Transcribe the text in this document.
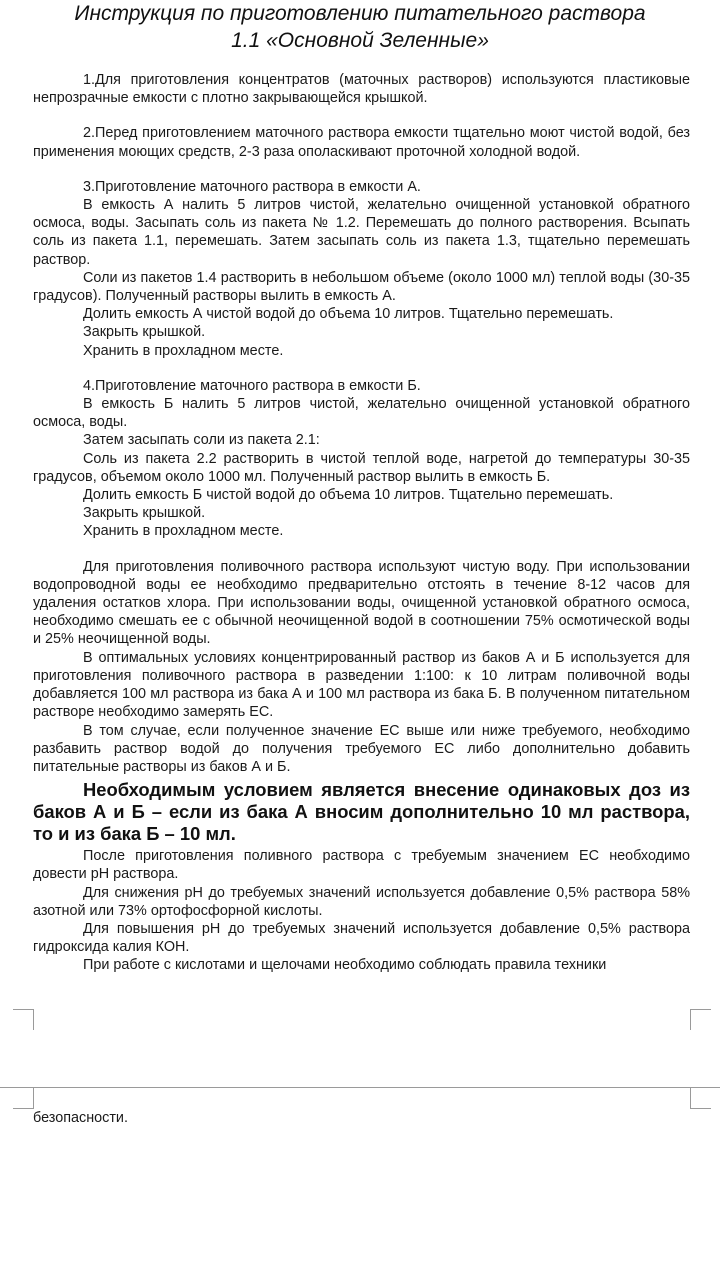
Инструкция по приготовлению питательного раствора
1.1 «Основной Зеленные»

1.Для приготовления концентратов (маточных растворов) используются пластиковые непрозрачные емкости с плотно закрывающейся крышкой.

2.Перед приготовлением маточного раствора емкости тщательно моют чистой водой, без применения моющих средств, 2-3 раза ополаскивают проточной холодной водой.

3.Приготовление маточного раствора в емкости А.

В емкость А налить 5 литров чистой, желательно очищенной установкой обратного осмоса, воды. Засыпать соль из пакета № 1.2. Перемешать до полного растворения. Всыпать соль из пакета 1.1, перемешать. Затем засыпать соль из пакета 1.3, тщательно перемешать раствор.

Соли из пакетов 1.4 растворить в небольшом объеме (около 1000 мл) теплой воды (30-35 градусов). Полученный растворы вылить в емкость А.

Долить емкость А чистой водой до объема 10 литров. Тщательно перемешать.

Закрыть крышкой.

Хранить в прохладном месте.

4.Приготовление маточного раствора в емкости Б.

В емкость Б налить 5 литров чистой, желательно очищенной установкой обратного осмоса, воды.

Затем засыпать соли из пакета 2.1:

Соль из пакета 2.2 растворить в чистой теплой воде, нагретой до температуры 30-35 градусов, объемом около 1000 мл. Полученный раствор вылить в емкость Б.

Долить емкость Б чистой водой до объема 10 литров. Тщательно перемешать.

Закрыть крышкой.

Хранить в прохладном месте.

Для приготовления поливочного раствора используют чистую воду. При использовании водопроводной воды ее необходимо предварительно отстоять в течение 8-12 часов для удаления остатков хлора. При использовании воды, очищенной установкой обратного осмоса, необходимо смешать ее с обычной неочищенной водой в соотношении 75% осмотической воды и 25% неочищенной воды.

В оптимальных условиях концентрированный раствор из баков А и Б используется для приготовления поливочного раствора в разведении 1:100: к 10 литрам поливочной воды добавляется 100 мл раствора из бака А и 100 мл раствора из бака Б. В полученном питательном растворе необходимо замерять ЕС.

В том случае, если полученное значение ЕС выше или ниже требуемого, необходимо разбавить раствор водой до получения требуемого ЕС либо дополнительно добавить питательные растворы из баков А и Б.

Необходимым условием является внесение одинаковых доз из баков А и Б – если из бака А вносим дополнительно 10 мл раствора, то и из бака Б – 10 мл.

После приготовления поливного раствора с требуемым значением ЕС необходимо довести рН раствора.

Для снижения рН до требуемых значений используется добавление 0,5% раствора 58% азотной или 73% ортофосфорной кислоты.

Для повышения рН до требуемых значений используется добавление 0,5% раствора гидроксида калия КОН.

При работе с кислотами и щелочами необходимо соблюдать правила техники

безопасности.
